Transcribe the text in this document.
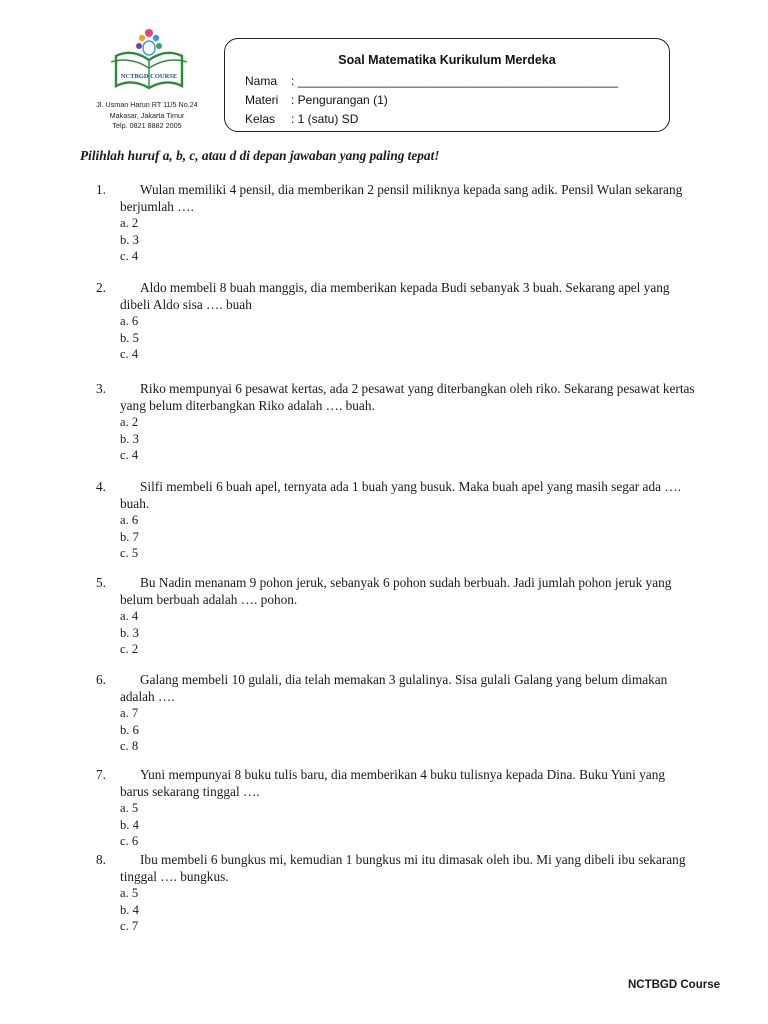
NCTBGD COURSE
Jl. Usman Harun RT 11/5 No.24
Makasar, Jakarta Timur
Telp. 0821 8882 2005
Soal Matematika Kurikulum Merdeka
Nama : ________________________________________________
Materi : Pengurangan (1)
Kelas : 1 (satu) SD
Pilihlah huruf a, b, c, atau d di depan jawaban yang paling tepat!
1.	Wulan memiliki 4 pensil, dia memberikan 2 pensil miliknya kepada sang adik. Pensil Wulan sekarang berjumlah ….
a. 2
b. 3
c. 4
2.	Aldo membeli 8 buah manggis, dia memberikan kepada Budi sebanyak 3 buah. Sekarang apel yang dibeli Aldo sisa …. buah
a. 6
b. 5
c. 4
3.	Riko mempunyai 6 pesawat kertas, ada 2 pesawat yang diterbangkan oleh riko. Sekarang pesawat kertas yang belum diterbangkan Riko adalah …. buah.
a. 2
b. 3
c. 4
4.	Silfi membeli 6 buah apel, ternyata ada 1 buah yang busuk. Maka buah apel yang masih segar ada …. buah.
a. 6
b. 7
c. 5
5.	Bu Nadin menanam 9 pohon jeruk, sebanyak 6 pohon sudah berbuah. Jadi jumlah pohon jeruk yang belum berbuah adalah …. pohon.
a. 4
b. 3
c. 2
6.	Galang membeli 10 gulali, dia telah memakan 3 gulalinya. Sisa gulali Galang yang belum dimakan adalah ….
a. 7
b. 6
c. 8
7.	Yuni mempunyai 8 buku tulis baru, dia memberikan 4 buku tulisnya kepada Dina. Buku Yuni yang barus sekarang tinggal ….
a. 5
b. 4
c. 6
8.	Ibu membeli 6 bungkus mi, kemudian 1 bungkus mi itu dimasak oleh ibu. Mi yang dibeli ibu sekarang tinggal …. bungkus.
a. 5
b. 4
c. 7
NCTBGD Course
